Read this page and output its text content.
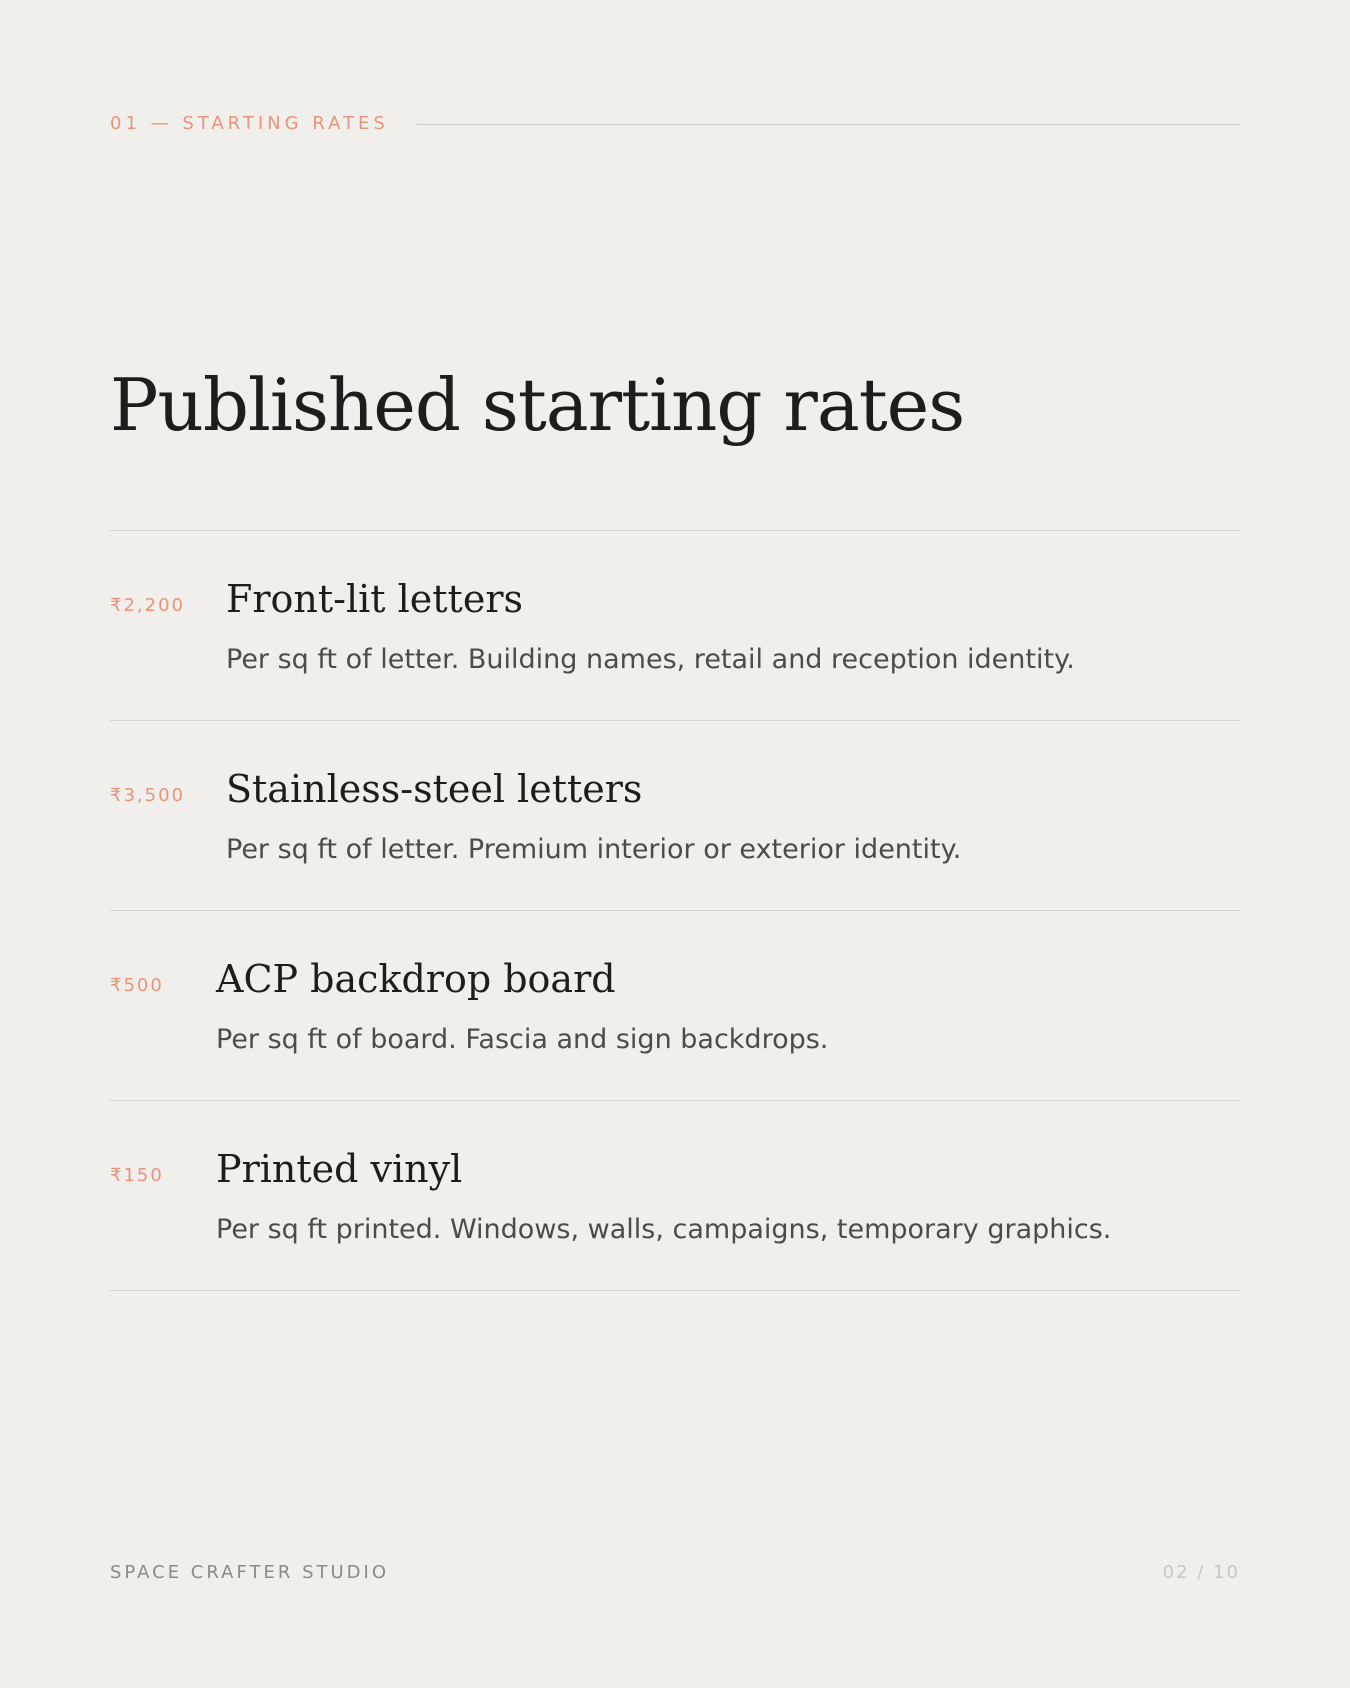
01 — STARTING RATES
Published starting rates
₹2,200 Front-lit letters
Per sq ft of letter. Building names, retail and reception identity.
₹3,500 Stainless-steel letters
Per sq ft of letter. Premium interior or exterior identity.
₹500 ACP backdrop board
Per sq ft of board. Fascia and sign backdrops.
₹150 Printed vinyl
Per sq ft printed. Windows, walls, campaigns, temporary graphics.
SPACE CRAFTER STUDIO	02 / 10
